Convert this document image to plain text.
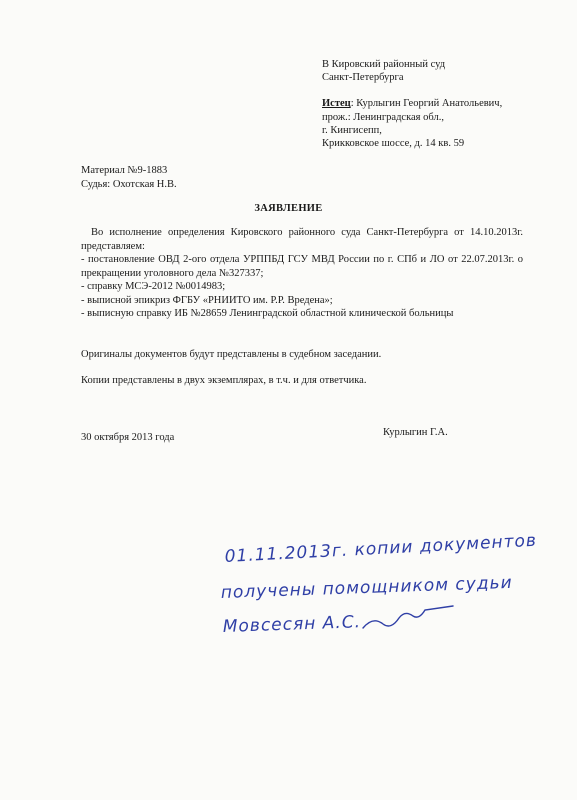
В Кировский районный суд
Санкт-Петербурга
Истец: Курлыгин Георгий Анатольевич,
прож.: Ленинградская обл.,
г. Кингисепп,
Крикковское шоссе, д. 14 кв. 59
Материал №9-1883
Судья: Охотская Н.В.
ЗАЯВЛЕНИЕ

Во исполнение определения Кировского районного суда Санкт-Петербурга от 14.10.2013г. представляем:

- постановление ОВД 2-ого отдела УРППБД ГСУ МВД России по г. СПб и ЛО от 22.07.2013г. о прекращении уголовного дела №327337;

- справку МСЭ-2012 №0014983;

- выписной эпикриз ФГБУ «РНИИТО им. Р.Р. Вредена»;

- выписную справку ИБ №28659 Ленинградской областной клинической больницы

Оригиналы документов будут представлены в судебном заседании.
Копии представлены в двух экземплярах, в т.ч. и для ответчика.
30 октября 2013 года	Курлыгин Г.А.
01.11.2013г. копии документов
получены помощником судьи
Мовсесян А.С.
